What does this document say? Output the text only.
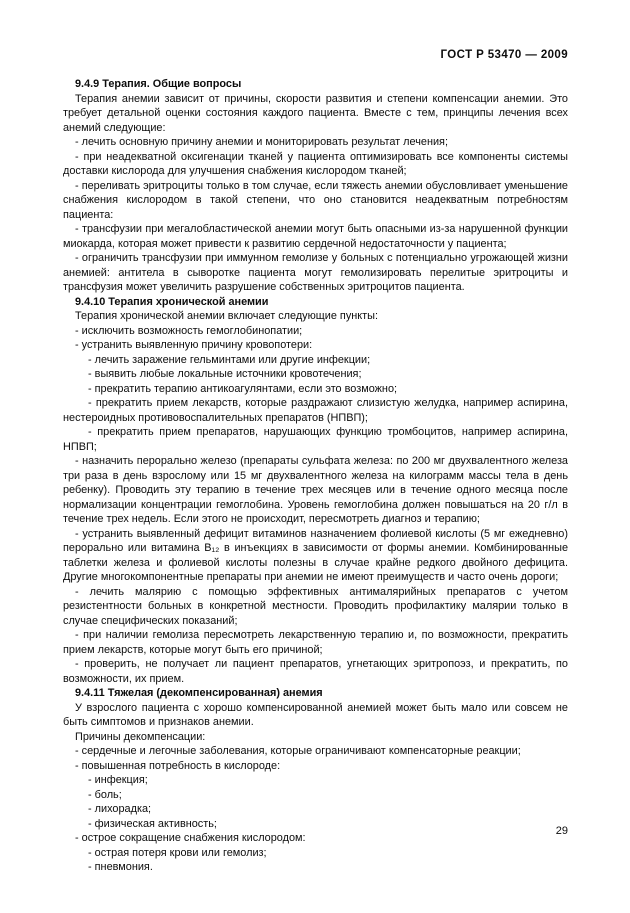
ГОСТ Р 53470 — 2009
9.4.9 Терапия. Общие вопросы
Терапия анемии зависит от причины, скорости развития и степени компенсации анемии. Это требует детальной оценки состояния каждого пациента. Вместе с тем, принципы лечения всех анемий следующие:
- лечить основную причину анемии и мониторировать результат лечения;
- при неадекватной оксигенации тканей у пациента оптимизировать все компоненты системы доставки кислорода для улучшения снабжения кислородом тканей;
- переливать эритроциты только в том случае, если тяжесть анемии обусловливает уменьшение снабжения кислородом в такой степени, что оно становится неадекватным потребностям пациента:
- трансфузии при мегалобластической анемии могут быть опасными из-за нарушенной функции миокарда, которая может привести к развитию сердечной недостаточности у пациента;
- ограничить трансфузии при иммунном гемолизе у больных с потенциально угрожающей жизни анемией: антитела в сыворотке пациента могут гемолизировать перелитые эритроциты и трансфузия может увеличить разрушение собственных эритроцитов пациента.
9.4.10 Терапия хронической анемии
Терапия хронической анемии включает следующие пункты:
- исключить возможность гемоглобинопатии;
- устранить выявленную причину кровопотери:
- лечить заражение гельминтами или другие инфекции;
- выявить любые локальные источники кровотечения;
- прекратить терапию антикоагулянтами, если это возможно;
- прекратить прием лекарств, которые раздражают слизистую желудка, например аспирина, нестероидных противовоспалительных препаратов (НПВП);
- прекратить прием препаратов, нарушающих функцию тромбоцитов, например аспирина, НПВП;
- назначить перорально железо (препараты сульфата железа: по 200 мг двухвалентного железа три раза в день взрослому или 15 мг двухвалентного железа на килограмм массы тела в день ребенку). Проводить эту терапию в течение трех месяцев или в течение одного месяца после нормализации концентрации гемоглобина. Уровень гемоглобина должен повышаться на 20 г/л в течение трех недель. Если этого не происходит, пересмотреть диагноз и терапию;
- устранить выявленный дефицит витаминов назначением фолиевой кислоты (5 мг ежедневно) перорально или витамина В₁₂ в инъекциях в зависимости от формы анемии. Комбинированные таблетки железа и фолиевой кислоты полезны в случае крайне редкого двойного дефицита. Другие многокомпонентные препараты при анемии не имеют преимуществ и часто очень дороги;
- лечить малярию с помощью эффективных антималярийных препаратов с учетом резистентности больных в конкретной местности. Проводить профилактику малярии только в случае специфических показаний;
- при наличии гемолиза пересмотреть лекарственную терапию и, по возможности, прекратить прием лекарств, которые могут быть его причиной;
- проверить, не получает ли пациент препаратов, угнетающих эритропоэз, и прекратить, по возможности, их прием.
9.4.11 Тяжелая (декомпенсированная) анемия
У взрослого пациента с хорошо компенсированной анемией может быть мало или совсем не быть симптомов и признаков анемии.
Причины декомпенсации:
- сердечные и легочные заболевания, которые ограничивают компенсаторные реакции;
- повышенная потребность в кислороде:
- инфекция;
- боль;
- лихорадка;
- физическая активность;
- острое сокращение снабжения кислородом:
- острая потеря крови или гемолиз;
- пневмония.
29
